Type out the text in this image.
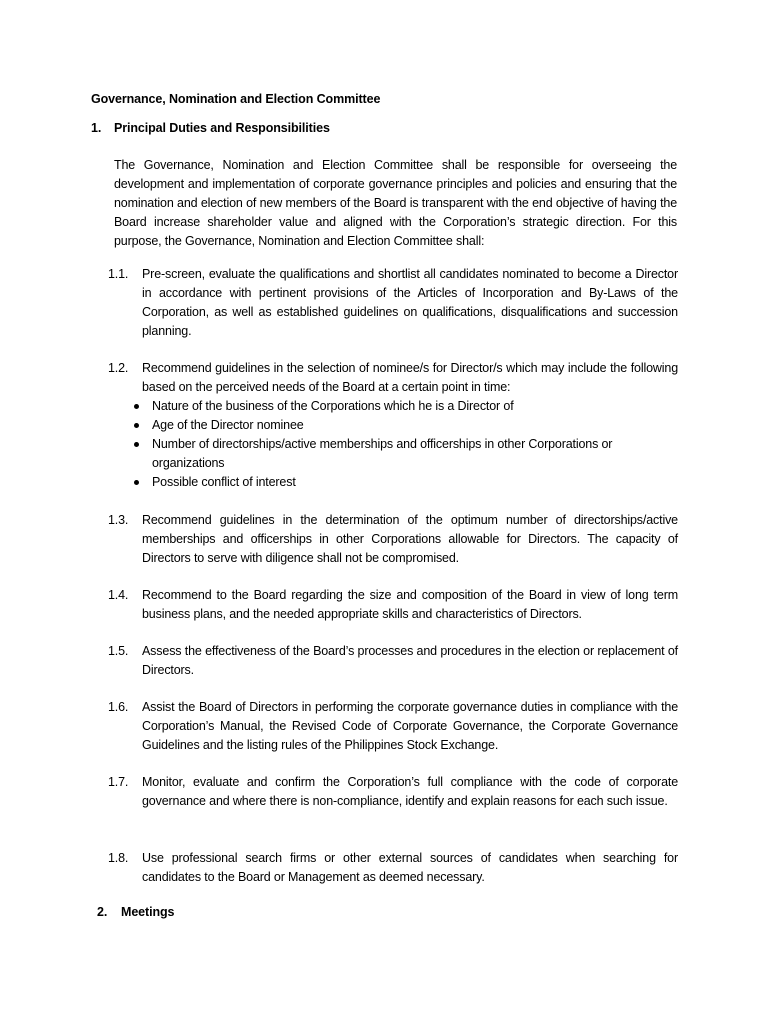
Governance, Nomination and Election Committee
1. Principal Duties and Responsibilities

The Governance, Nomination and Election Committee shall be responsible for overseeing the development and implementation of corporate governance principles and policies and ensuring that the nomination and election of new members of the Board is transparent with the end objective of having the Board increase shareholder value and aligned with the Corporation’s strategic direction. For this purpose, the Governance, Nomination and Election Committee shall:

1.1. Pre-screen, evaluate the qualifications and shortlist all candidates nominated to become a Director in accordance with pertinent provisions of the Articles of Incorporation and By-Laws of the Corporation, as well as established guidelines on qualifications, disqualifications and succession planning.
1.2. Recommend guidelines in the selection of nominee/s for Director/s which may include the following based on the perceived needs of the Board at a certain point in time:
Nature of the business of the Corporations which he is a Director of
Age of the Director nominee
Number of directorships/active memberships and officerships in other Corporations or organizations
Possible conflict of interest
1.3. Recommend guidelines in the determination of the optimum number of directorships/active memberships and officerships in other Corporations allowable for Directors. The capacity of Directors to serve with diligence shall not be compromised.
1.4. Recommend to the Board regarding the size and composition of the Board in view of long term business plans, and the needed appropriate skills and characteristics of Directors.
1.5. Assess the effectiveness of the Board’s processes and procedures in the election or replacement of Directors.
1.6. Assist the Board of Directors in performing the corporate governance duties in compliance with the Corporation’s Manual, the Revised Code of Corporate Governance, the Corporate Governance Guidelines and the listing rules of the Philippines Stock Exchange.
1.7. Monitor, evaluate and confirm the Corporation’s full compliance with the code of corporate governance and where there is non-compliance, identify and explain reasons for each such issue.
1.8. Use professional search firms or other external sources of candidates when searching for candidates to the Board or Management as deemed necessary.
2. Meetings
